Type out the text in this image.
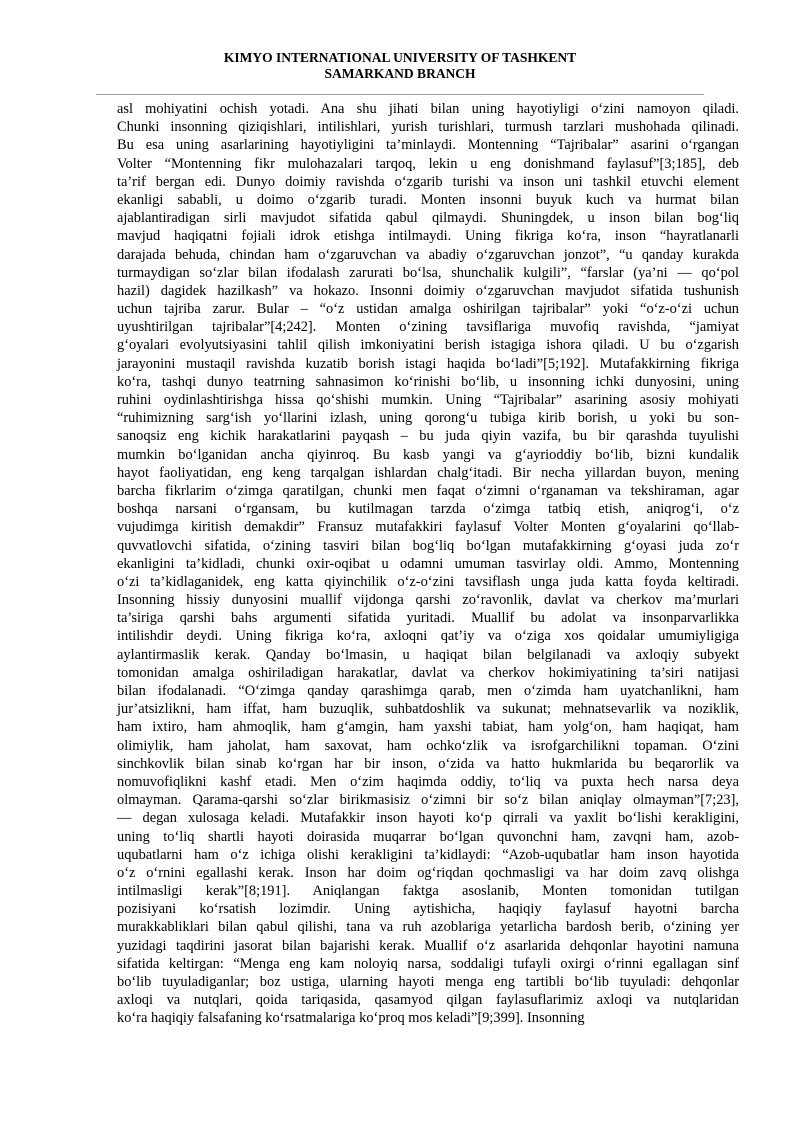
KIMYO INTERNATIONAL UNIVERSITY OF TASHKENT
SAMARKAND BRANCH
asl mohiyatini ochish yotadi. Ana shu jihati bilan uning hayotiyligi o‘zini namoyon qiladi.
Chunki insonning qiziqishlari, intilishlari, yurish turishlari, turmush tarzlari mushohada qilinadi.
Bu esa uning asarlarining hayotiyligini ta’minlaydi. Montenning “Tajribalar” asarini o‘rgangan
Volter “Montenning fikr mulohazalari tarqoq, lekin u eng donishmand faylasuf”[3;185], deb
ta’rif bergan edi. Dunyo doimiy ravishda o‘zgarib turishi va inson uni tashkil etuvchi element
ekanligi sababli, u doimo o‘zgarib turadi. Monten insonni buyuk kuch va hurmat bilan
ajablantiradigan sirli mavjudot sifatida qabul qilmaydi. Shuningdek, u inson bilan bog‘liq
mavjud haqiqatni fojiali idrok etishga intilmaydi. Uning fikriga ko‘ra, inson “hayratlanarli
darajada behuda, chindan ham o‘zgaruvchan va abadiy o‘zgaruvchan jonzot”, “u qanday kurakda
turmaydigan so‘zlar bilan ifodalash zarurati bo‘lsa, shunchalik kulgili”, “farslar (ya’ni — qo‘pol
hazil) dagidek hazilkash” va hokazo. Insonni doimiy o‘zgaruvchan mavjudot sifatida tushunish
uchun tajriba zarur. Bular – “o‘z ustidan amalga oshirilgan tajribalar” yoki “o‘z-o‘zi uchun
uyushtirilgan tajribalar”[4;242]. Monten o‘zining tavsiflariga muvofiq ravishda, “jamiyat
g‘oyalari evolyutsiyasini tahlil qilish imkoniyatini berish istagiga ishora qiladi. U bu o‘zgarish
jarayonini mustaqil ravishda kuzatib borish istagi haqida bo‘ladi”[5;192]. Mutafakkirning fikriga
ko‘ra, tashqi dunyo teatrning sahnasimon ko‘rinishi bo‘lib, u insonning ichki dunyosini, uning
ruhini oydinlashtirishga hissa qo‘shishi mumkin. Uning “Tajribalar” asarining asosiy mohiyati
“ruhimizning sarg‘ish yo‘llarini izlash, uning qorong‘u tubiga kirib borish, u yoki bu son-
sanoqsiz eng kichik harakatlarini payqash – bu juda qiyin vazifa, bu bir qarashda tuyulishi
mumkin bo‘lganidan ancha qiyinroq. Bu kasb yangi va g‘ayrioddiy bo‘lib, bizni kundalik
hayot faoliyatidan, eng keng tarqalgan ishlardan chalg‘itadi. Bir necha yillardan buyon, mening
barcha fikrlarim o‘zimga qaratilgan, chunki men faqat o‘zimni o‘rganaman va tekshiraman, agar
boshqa narsani o‘rgansam, bu kutilmagan tarzda o‘zimga tatbiq etish, aniqrog‘i, o‘z
vujudimga kiritish demakdir” Fransuz mutafakkiri faylasuf Volter Monten g‘oyalarini qo‘llab-
quvvatlovchi sifatida, o‘zining tasviri bilan bog‘liq bo‘lgan mutafakkirning g‘oyasi juda zo‘r
ekanligini ta’kidladi, chunki oxir-oqibat u odamni umuman tasvirlay oldi. Ammo, Montenning
o‘zi ta’kidlaganidek, eng katta qiyinchilik o‘z-o‘zini tavsiflash unga juda katta foyda keltiradi.
Insonning hissiy dunyosini muallif vijdonga qarshi zo‘ravonlik, davlat va cherkov ma’murlari
ta’siriga qarshi bahs argumenti sifatida yuritadi. Muallif bu adolat va insonparvarlikka
intilishdir deydi. Uning fikriga ko‘ra, axloqni qat’iy va o‘ziga xos qoidalar umumiyligiga
aylantirmaslik kerak. Qanday bo‘lmasin, u haqiqat bilan belgilanadi va axloqiy subyekt
tomonidan amalga oshiriladigan harakatlar, davlat va cherkov hokimiyatining ta’siri natijasi
bilan ifodalanadi. “O‘zimga qanday qarashimga qarab, men o‘zimda ham uyatchanlikni, ham
jur’atsizlikni, ham iffat, ham buzuqlik, suhbatdoshlik va sukunat; mehnatsevarlik va noziklik,
ham ixtiro, ham ahmoqlik, ham g‘amgin, ham yaxshi tabiat, ham yolg‘on, ham haqiqat, ham
olimiylik, ham jaholat, ham saxovat, ham ochko‘zlik va isrofgarchilikni topaman. O‘zini
sinchkovlik bilan sinab ko‘rgan har bir inson, o‘zida va hatto hukmlarida bu beqarorlik va
nomuvofiqlikni kashf etadi. Men o‘zim haqimda oddiy, to‘liq va puxta hech narsa deya
olmayman. Qarama-qarshi so‘zlar birikmasisiz o‘zimni bir so‘z bilan aniqlay olmayman”[7;23],
— degan xulosaga keladi. Mutafakkir inson hayoti ko‘p qirrali va yaxlit bo‘lishi kerakligini,
uning to‘liq shartli hayoti doirasida muqarrar bo‘lgan quvonchni ham, zavqni ham, azob-
uqubatlarni ham o‘z ichiga olishi kerakligini ta’kidlaydi: “Azob-uqubatlar ham inson hayotida
o‘z o‘rnini egallashi kerak. Inson har doim og‘riqdan qochmasligi va har doim zavq olishga
intilmasligi kerak”[8;191]. Aniqlangan faktga asoslanib, Monten tomonidan tutilgan
pozisiyani ko‘rsatish lozimdir. Uning aytishicha, haqiqiy faylasuf hayotni barcha
murakkabliklari bilan qabul qilishi, tana va ruh azoblariga yetarlicha bardosh berib, o‘zining yer
yuzidagi taqdirini jasorat bilan bajarishi kerak. Muallif o‘z asarlarida dehqonlar hayotini namuna
sifatida keltirgan: “Menga eng kam noloyiq narsa, soddaligi tufayli oxirgi o‘rinni egallagan sinf
bo‘lib tuyuladiganlar; boz ustiga, ularning hayoti menga eng tartibli bo‘lib tuyuladi: dehqonlar
axloqi va nutqlari, qoida tariqasida, qasamyod qilgan faylasuflarimiz axloqi va nutqlaridan
ko‘ra haqiqiy falsafaning ko‘rsatmalariga ko‘proq mos keladi”[9;399]. Insonning
